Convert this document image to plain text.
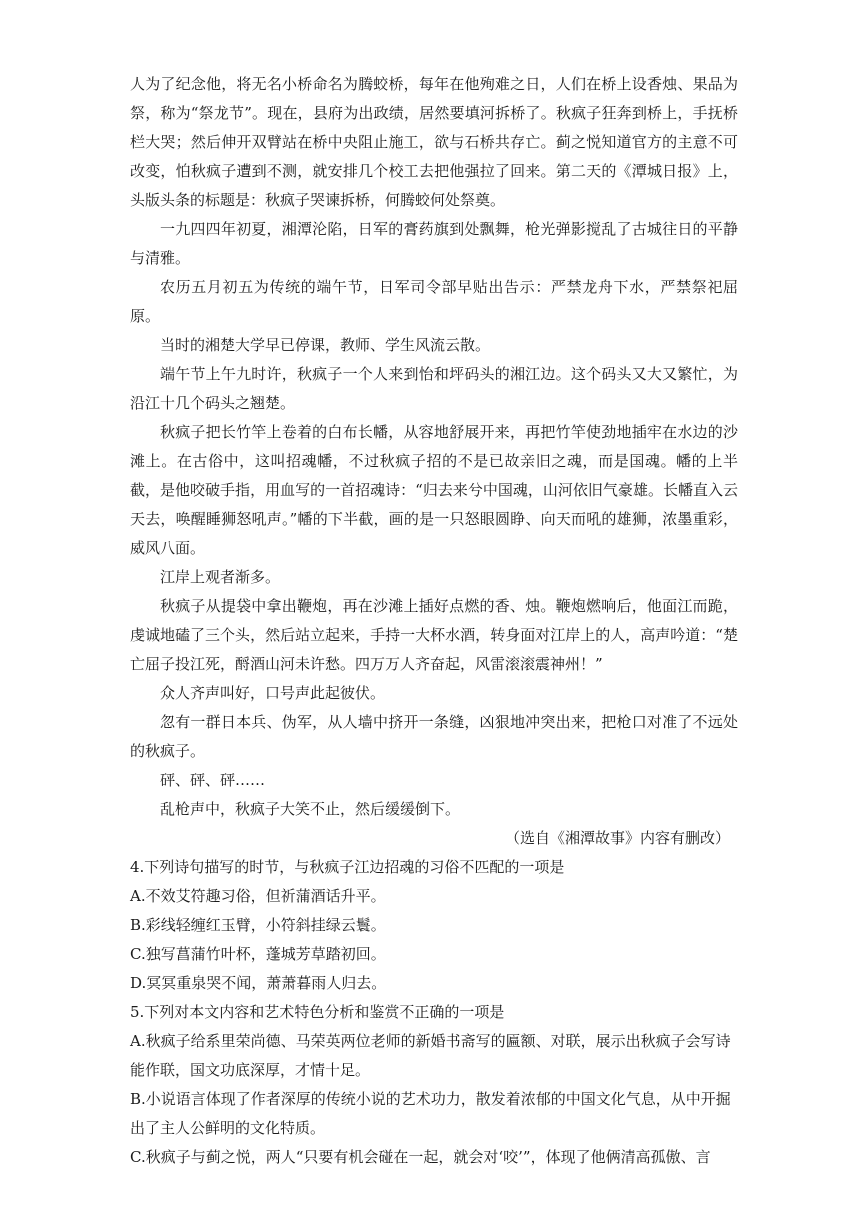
人为了纪念他，将无名小桥命名为腾蛟桥，每年在他殉难之日，人们在桥上设香烛、果品为祭，称为“祭龙节”。现在，县府为出政绩，居然要填河拆桥了。秋疯子狂奔到桥上，手抚桥栏大哭；然后伸开双臂站在桥中央阻止施工，欲与石桥共存亡。蓟之悦知道官方的主意不可改变，怕秋疯子遭到不测，就安排几个校工去把他强拉了回来。第二天的《潭城日报》上，头版头条的标题是：秋疯子哭谏拆桥，何腾蛟何处祭奠。

一九四四年初夏，湘潭沦陷，日军的膏药旗到处飘舞，枪光弹影搅乱了古城往日的平静与清雅。

农历五月初五为传统的端午节，日军司令部早贴出告示：严禁龙舟下水，严禁祭祀屈原。

当时的湘楚大学早已停课，教师、学生风流云散。

端午节上午九时许，秋疯子一个人来到怡和坪码头的湘江边。这个码头又大又繁忙，为沿江十几个码头之翘楚。

秋疯子把长竹竿上卷着的白布长幡，从容地舒展开来，再把竹竿使劲地插牢在水边的沙滩上。在古俗中，这叫招魂幡，不过秋疯子招的不是已故亲旧之魂，而是国魂。幡的上半截，是他咬破手指，用血写的一首招魂诗：“归去来兮中国魂，山河依旧气豪雄。长幡直入云天去，唤醒睡狮怒吼声。”幡的下半截，画的是一只怒眼圆睁、向天而吼的雄狮，浓墨重彩，威风八面。

江岸上观者渐多。

秋疯子从提袋中拿出鞭炮，再在沙滩上插好点燃的香、烛。鞭炮燃响后，他面江而跪，虔诚地磕了三个头，然后站立起来，手持一大杯水酒，转身面对江岸上的人，高声吟道：“楚亡屈子投江死，酹酒山河未许愁。四万万人齐奋起，风雷滚滚震神州！”

众人齐声叫好，口号声此起彼伏。

忽有一群日本兵、伪军，从人墙中挤开一条缝，凶狠地冲突出来，把枪口对准了不远处的秋疯子。

砰、砰、砰……

乱枪声中，秋疯子大笑不止，然后缓缓倒下。

（选自《湘潭故事》内容有删改）

4.下列诗句描写的时节，与秋疯子江边招魂的习俗不匹配的一项是

A.不效艾符趣习俗，但祈蒲酒话升平。

B.彩线轻缠红玉臂，小符斜挂绿云鬟。

C.独写菖蒲竹叶杯，蓬城芳草踏初回。

D.冥冥重泉哭不闻，萧萧暮雨人归去。

5.下列对本文内容和艺术特色分析和鉴赏不正确的一项是

A.秋疯子给系里荣尚德、马荣英两位老师的新婚书斋写的匾额、对联，展示出秋疯子会写诗能作联，国文功底深厚，才情十足。

B.小说语言体现了作者深厚的传统小说的艺术功力，散发着浓郁的中国文化气息，从中开掘出了主人公鲜明的文化特质。

C.秋疯子与蓟之悦，两人“只要有机会碰在一起，就会对‘咬’”，体现了他俩清高孤傲、言
